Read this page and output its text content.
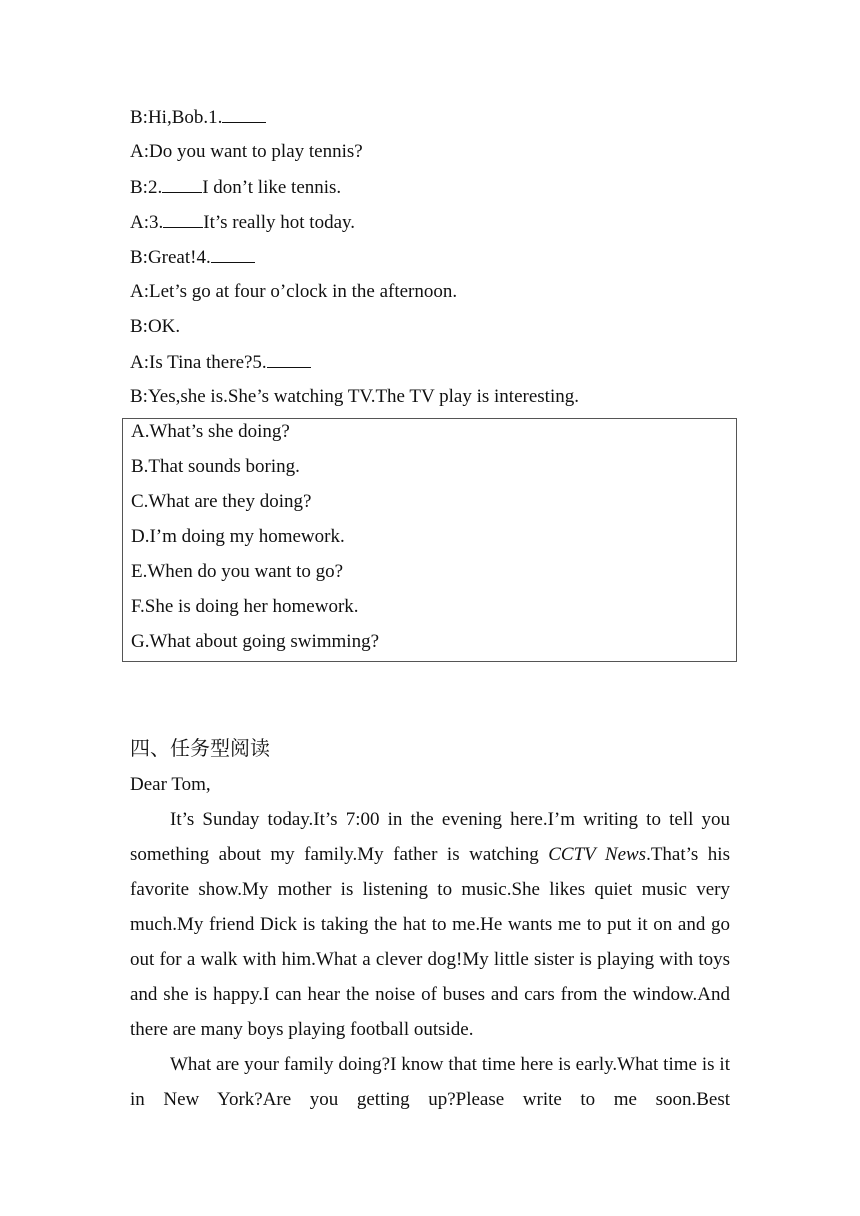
B:Hi,Bob.1.
A:Do you want to play tennis?
B:2. I don’t like tennis.
A:3. It’s really hot today.
B:Great!4.
A:Let’s go at four o’clock in the afternoon.
B:OK.
A:Is Tina there?5.
B:Yes,she is.She’s watching TV.The TV play is interesting.
A.What’s she doing?
B.That sounds boring.
C.What are they doing?
D.I’m doing my homework.
E.When do you want to go?
F.She is doing her homework.
G.What about going swimming?
四、任务型阅读
Dear Tom,
It’s Sunday today.It’s 7:00 in the evening here.I’m writing to tell you something about my family.My father is watching CCTV News.That’s his favorite show.My mother is listening to music.She likes quiet music very much.My friend Dick is taking the hat to me.He wants me to put it on and go out for a walk with him.What a clever dog!My little sister is playing with toys and she is happy.I can hear the noise of buses and cars from the window.And there are many boys playing football outside.
What are your family doing?I know that time here is early.What time is it in New York?Are you getting up?Please write to me soon.Best
